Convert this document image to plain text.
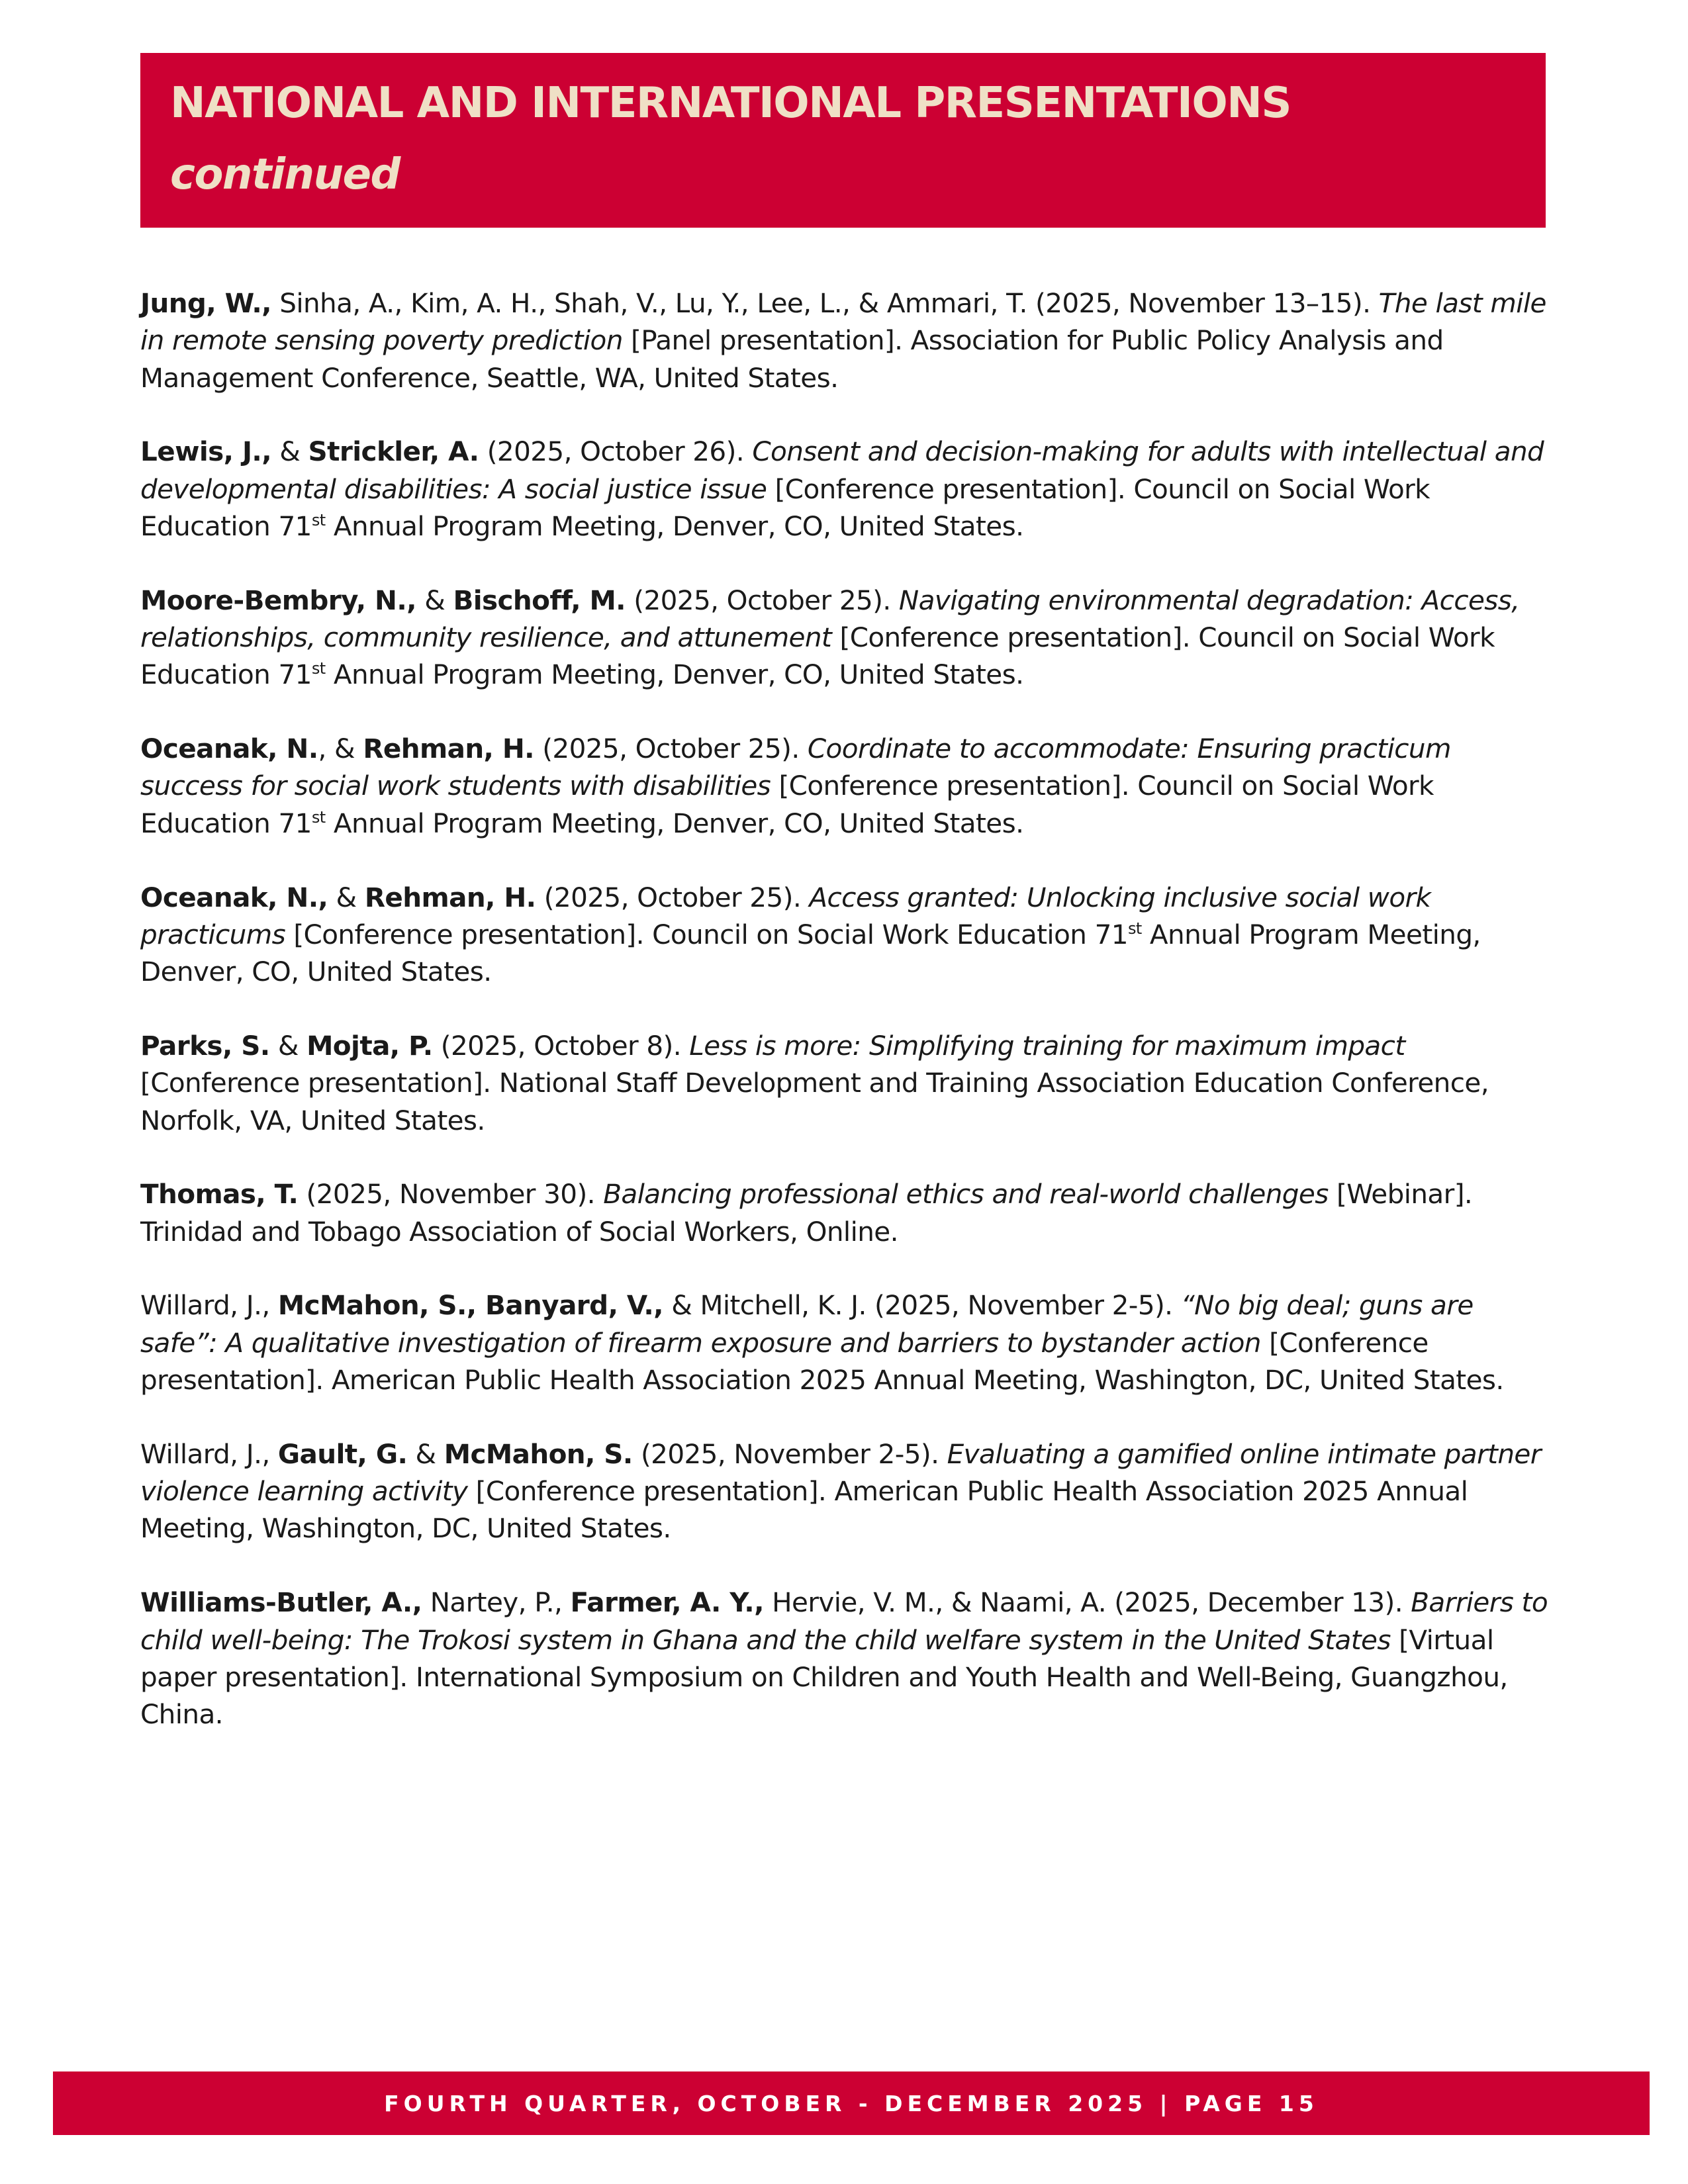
NATIONAL AND INTERNATIONAL PRESENTATIONS
continued

Jung, W., Sinha, A., Kim, A. H., Shah, V., Lu, Y., Lee, L., & Ammari, T. (2025, November 13–15). The last mile in remote sensing poverty prediction [Panel presentation]. Association for Public Policy Analysis and Management Conference, Seattle, WA, United States.

Lewis, J., & Strickler, A. (2025, October 26). Consent and decision-making for adults with intellectual and developmental disabilities: A social justice issue [Conference presentation]. Council on Social Work Education 71st Annual Program Meeting, Denver, CO, United States.

Moore-Bembry, N., & Bischoff, M. (2025, October 25). Navigating environmental degradation: Access, relationships, community resilience, and attunement [Conference presentation]. Council on Social Work Education 71st Annual Program Meeting, Denver, CO, United States.

Oceanak, N., & Rehman, H. (2025, October 25). Coordinate to accommodate: Ensuring practicum success for social work students with disabilities [Conference presentation]. Council on Social Work Education 71st Annual Program Meeting, Denver, CO, United States.

Oceanak, N., & Rehman, H. (2025, October 25). Access granted: Unlocking inclusive social work practicums [Conference presentation]. Council on Social Work Education 71st Annual Program Meeting, Denver, CO, United States.

Parks, S. & Mojta, P. (2025, October 8). Less is more: Simplifying training for maximum impact [Conference presentation]. National Staff Development and Training Association Education Conference, Norfolk, VA, United States.

Thomas, T. (2025, November 30). Balancing professional ethics and real-world challenges [Webinar]. Trinidad and Tobago Association of Social Workers, Online.

Willard, J., McMahon, S., Banyard, V., & Mitchell, K. J. (2025, November 2-5). “No big deal; guns are safe”: A qualitative investigation of firearm exposure and barriers to bystander action [Conference presentation]. American Public Health Association 2025 Annual Meeting, Washington, DC, United States.

Willard, J., Gault, G. & McMahon, S. (2025, November 2-5). Evaluating a gamified online intimate partner violence learning activity [Conference presentation]. American Public Health Association 2025 Annual Meeting, Washington, DC, United States.

Williams-Butler, A., Nartey, P., Farmer, A. Y., Hervie, V. M., & Naami, A. (2025, December 13). Barriers to child well-being: The Trokosi system in Ghana and the child welfare system in the United States [Virtual paper presentation]. International Symposium on Children and Youth Health and Well-Being, Guangzhou, China.

FOURTH QUARTER, OCTOBER - DECEMBER 2025 | PAGE 15
